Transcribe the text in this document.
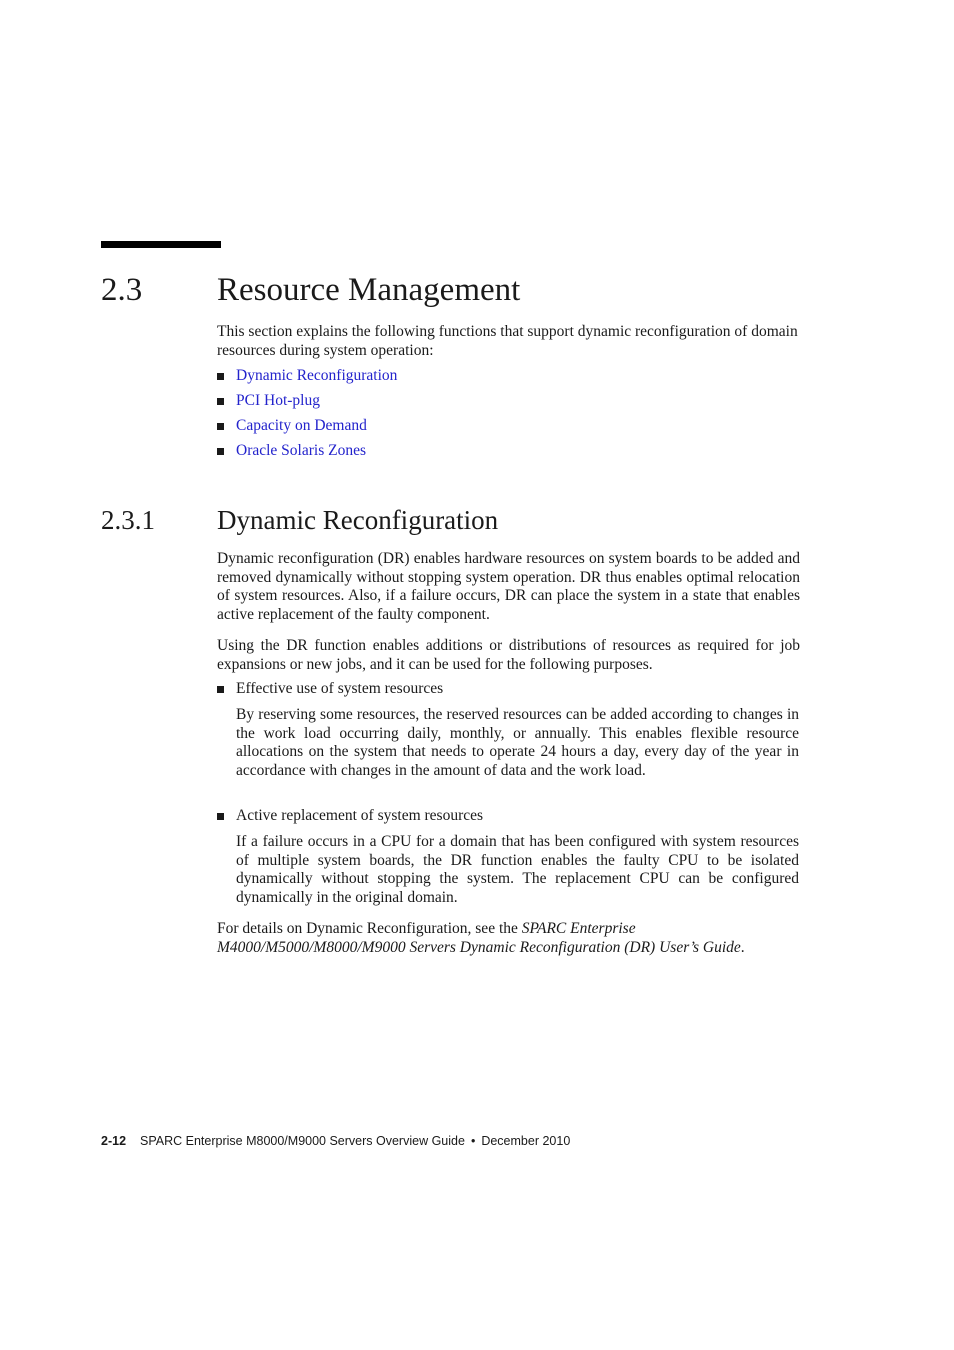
2.3 Resource Management
This section explains the following functions that support dynamic reconfiguration of domain resources during system operation:
Dynamic Reconfiguration
PCI Hot-plug
Capacity on Demand
Oracle Solaris Zones
2.3.1 Dynamic Reconfiguration
Dynamic reconfiguration (DR) enables hardware resources on system boards to be added and removed dynamically without stopping system operation. DR thus enables optimal relocation of system resources. Also, if a failure occurs, DR can place the system in a state that enables active replacement of the faulty component.
Using the DR function enables additions or distributions of resources as required for job expansions or new jobs, and it can be used for the following purposes.
Effective use of system resources
By reserving some resources, the reserved resources can be added according to changes in the work load occurring daily, monthly, or annually. This enables flexible resource allocations on the system that needs to operate 24 hours a day, every day of the year in accordance with changes in the amount of data and the work load.
Active replacement of system resources
If a failure occurs in a CPU for a domain that has been configured with system resources of multiple system boards, the DR function enables the faulty CPU to be isolated dynamically without stopping the system. The replacement CPU can be configured dynamically in the original domain.
For details on Dynamic Reconfiguration, see the SPARC Enterprise M4000/M5000/M8000/M9000 Servers Dynamic Reconfiguration (DR) User’s Guide.
2-12 SPARC Enterprise M8000/M9000 Servers Overview Guide • December 2010
